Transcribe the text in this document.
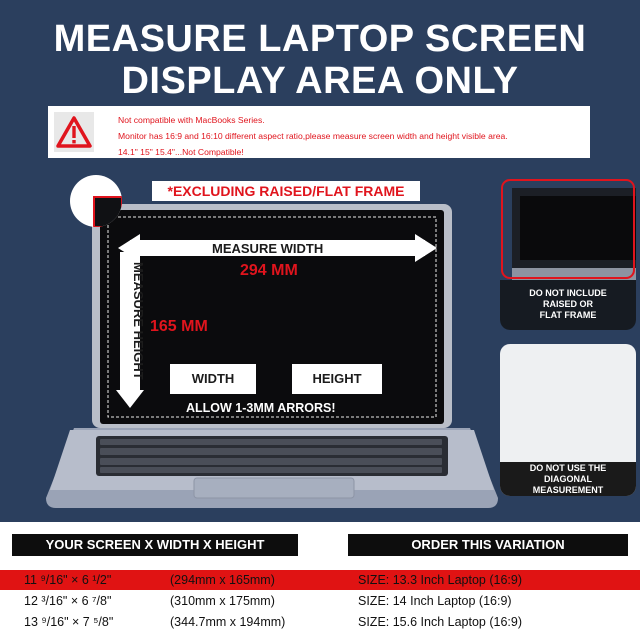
MEASURE LAPTOP SCREEN
DISPLAY AREA ONLY
Not compatible with MacBooks Series.
Monitor has 16:9 and 16:10 different aspect ratio,please measure screen width and height visible area.
14.1" 15" 15.4"...Not Compatible!
*EXCLUDING RAISED/FLAT FRAME
MEASURE WIDTH
294 MM
165 MM
MEASURE HEIGHT	WIDTH	HEIGHT
ALLOW 1-3MM ARRORS!
DO NOT INCLUDE
RAISED OR
FLAT FRAME
DO NOT USE THE
DIAGONAL
MEASUREMENT
YOUR SCREEN X WIDTH X HEIGHT	ORDER THIS VARIATION
11 ⁹/16" × 6 ¹/2"	(294mm x 165mm)	SIZE: 13.3 Inch Laptop (16:9)
12 ³/16" × 6 ⁷/8"	(310mm x 175mm)	SIZE: 14 Inch Laptop (16:9)
13 ⁹/16" × 7 ⁵/8"	(344.7mm x 194mm)	SIZE: 15.6 Inch Laptop (16:9)
